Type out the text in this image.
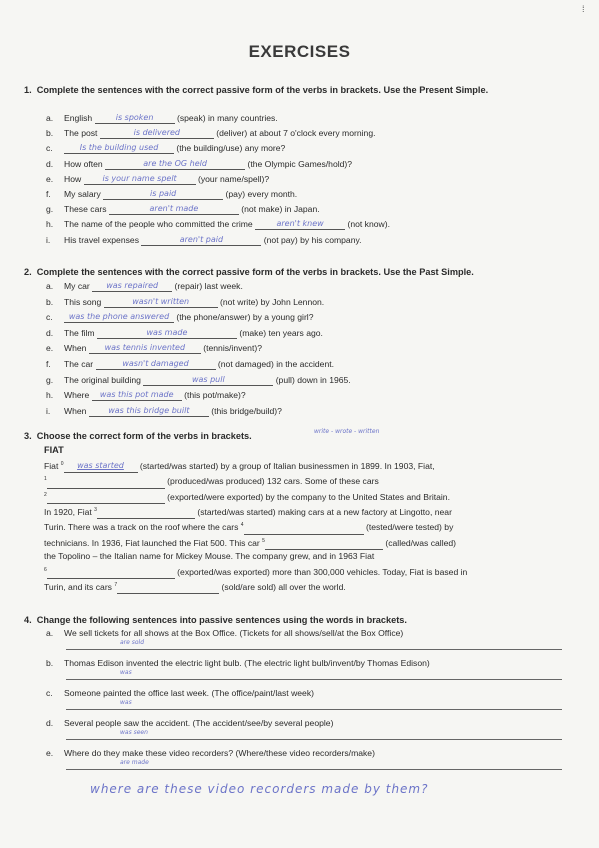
EXERCISES
1. Complete the sentences with the correct passive form of the verbs in brackets. Use the Present Simple.
a. English	is spoken (speak) in many countries.
b. The post	is delivered	(deliver) at about 7 o'clock every morning.
c.	Is the building used (the building/use) any more?
d. How often	are the OG held	(the Olympic Games/hold)?
e. How is your name spelt (your name/spell)?
f. My salary	is paid	(pay) every month.
g. These cars	aren't made	(not make) in Japan.
h. The name of the people who committed the crime	aren't knew (not know).
i. His travel expenses	aren't paid	(not pay) by his company.
2. Complete the sentences with the correct passive form of the verbs in brackets. Use the Past Simple.
a. My car was repaired (repair) last week.
b. This song	wasn't written	(not write) by John Lennon.
c. was the phone answered (the phone/answer) by a young girl?
d. The film	was made	(make) ten years ago.
e. When was tennis invented (tennis/invent)?
f. The car	wasn't damaged	(not damaged) in the accident.
g. The original building	was pull	(pull) down in 1965.
h. Where was this pot made (this pot/make)?
i. When was this bridge built (this bridge/build)?
3. Choose the correct form of the verbs in brackets.	write - wrote - written
FIAT
Fiat $^0$ was started (started/was started) by a group of Italian businessmen in 1899. In 1903, Fiat,
$^1$	(produced/was produced) 132 cars. Some of these cars
$^2$	(exported/were exported) by the company to the United States and Britain.
In 1920, Fiat $^3$	(started/was started) making cars at a new factory at Lingotto, near
Turin. There was a track on the roof where the cars $^4$	(tested/were tested) by
technicians. In 1936, Fiat launched the Fiat 500. This car $^5$	(called/was called)
the Topolino – the Italian name for Mickey Mouse. The company grew, and in 1963 Fiat
$^6$	(exported/was exported) more than 300,000 vehicles. Today, Fiat is based in
Turin, and its cars $^7$	(sold/are sold) all over the world.
4. Change the following sentences into passive sentences using the words in brackets.
a. We sell tickets for all shows at the Box Office. (Tickets for all shows/sell/at the Box Office)
are sold
b. Thomas Edison invented the electric light bulb. (The electric light bulb/invent/by Thomas Edison)
was
c. Someone painted the office last week. (The office/paint/last week)
was
d. Several people saw the accident. (The accident/see/by several people)
was seen
e. Where do they make these video recorders? (Where/these video recorders/make)
are made
where are these video recorders made by them?
⁞
